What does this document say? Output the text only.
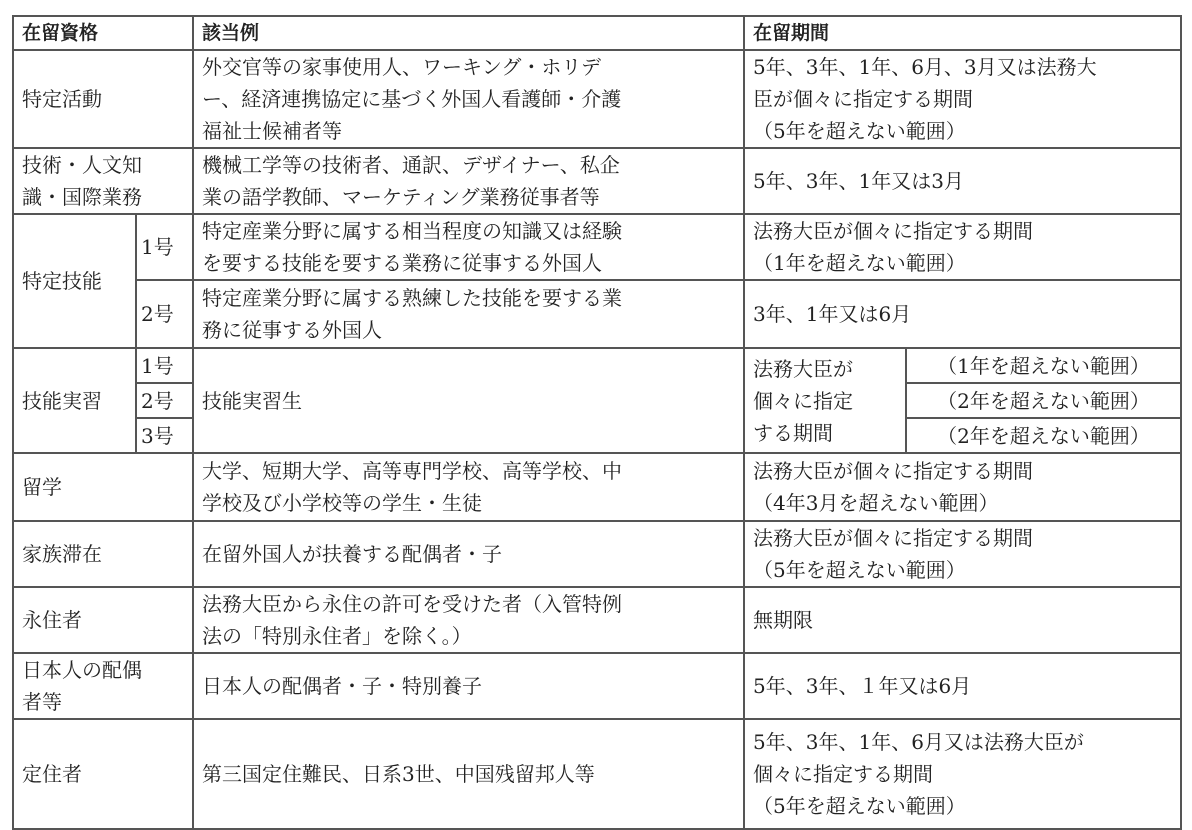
在留資格		該当例	在留期間	
特定活動		外交官等の家事使用人、ワーキング・ホリデ
ー、経済連携協定に基づく外国人看護師・介護
福祉士候補者等	5年、3年、1年、6月、3月又は法務大
臣が個々に指定する期間
（5年を超えない範囲）	
技術・人文知
識・国際業務		機械工学等の技術者、通訳、デザイナー、私企
業の語学教師、マーケティング業務従事者等	5年、3年、1年又は3月	
特定技能	1号	特定産業分野に属する相当程度の知識又は経験
を要する技能を要する業務に従事する外国人	法務大臣が個々に指定する期間
（1年を超えない範囲）	
	2号	特定産業分野に属する熟練した技能を要する業
務に従事する外国人	3年、1年又は6月	
技能実習	1号	技能実習生	法務大臣が
個々に指定
する期間	（1年を超えない範囲）
	2号			（2年を超えない範囲）
	3号			（2年を超えない範囲）
留学		大学、短期大学、高等専門学校、高等学校、中
学校及び小学校等の学生・生徒	法務大臣が個々に指定する期間
（4年3月を超えない範囲）	
家族滞在		在留外国人が扶養する配偶者・子	法務大臣が個々に指定する期間
（5年を超えない範囲）	
永住者		法務大臣から永住の許可を受けた者（入管特例
法の「特別永住者」を除く。）	無期限	
日本人の配偶
者等		日本人の配偶者・子・特別養子	5年、3年、１年又は6月	
定住者		第三国定住難民、日系3世、中国残留邦人等	5年、3年、1年、6月又は法務大臣が
個々に指定する期間
（5年を超えない範囲）	
